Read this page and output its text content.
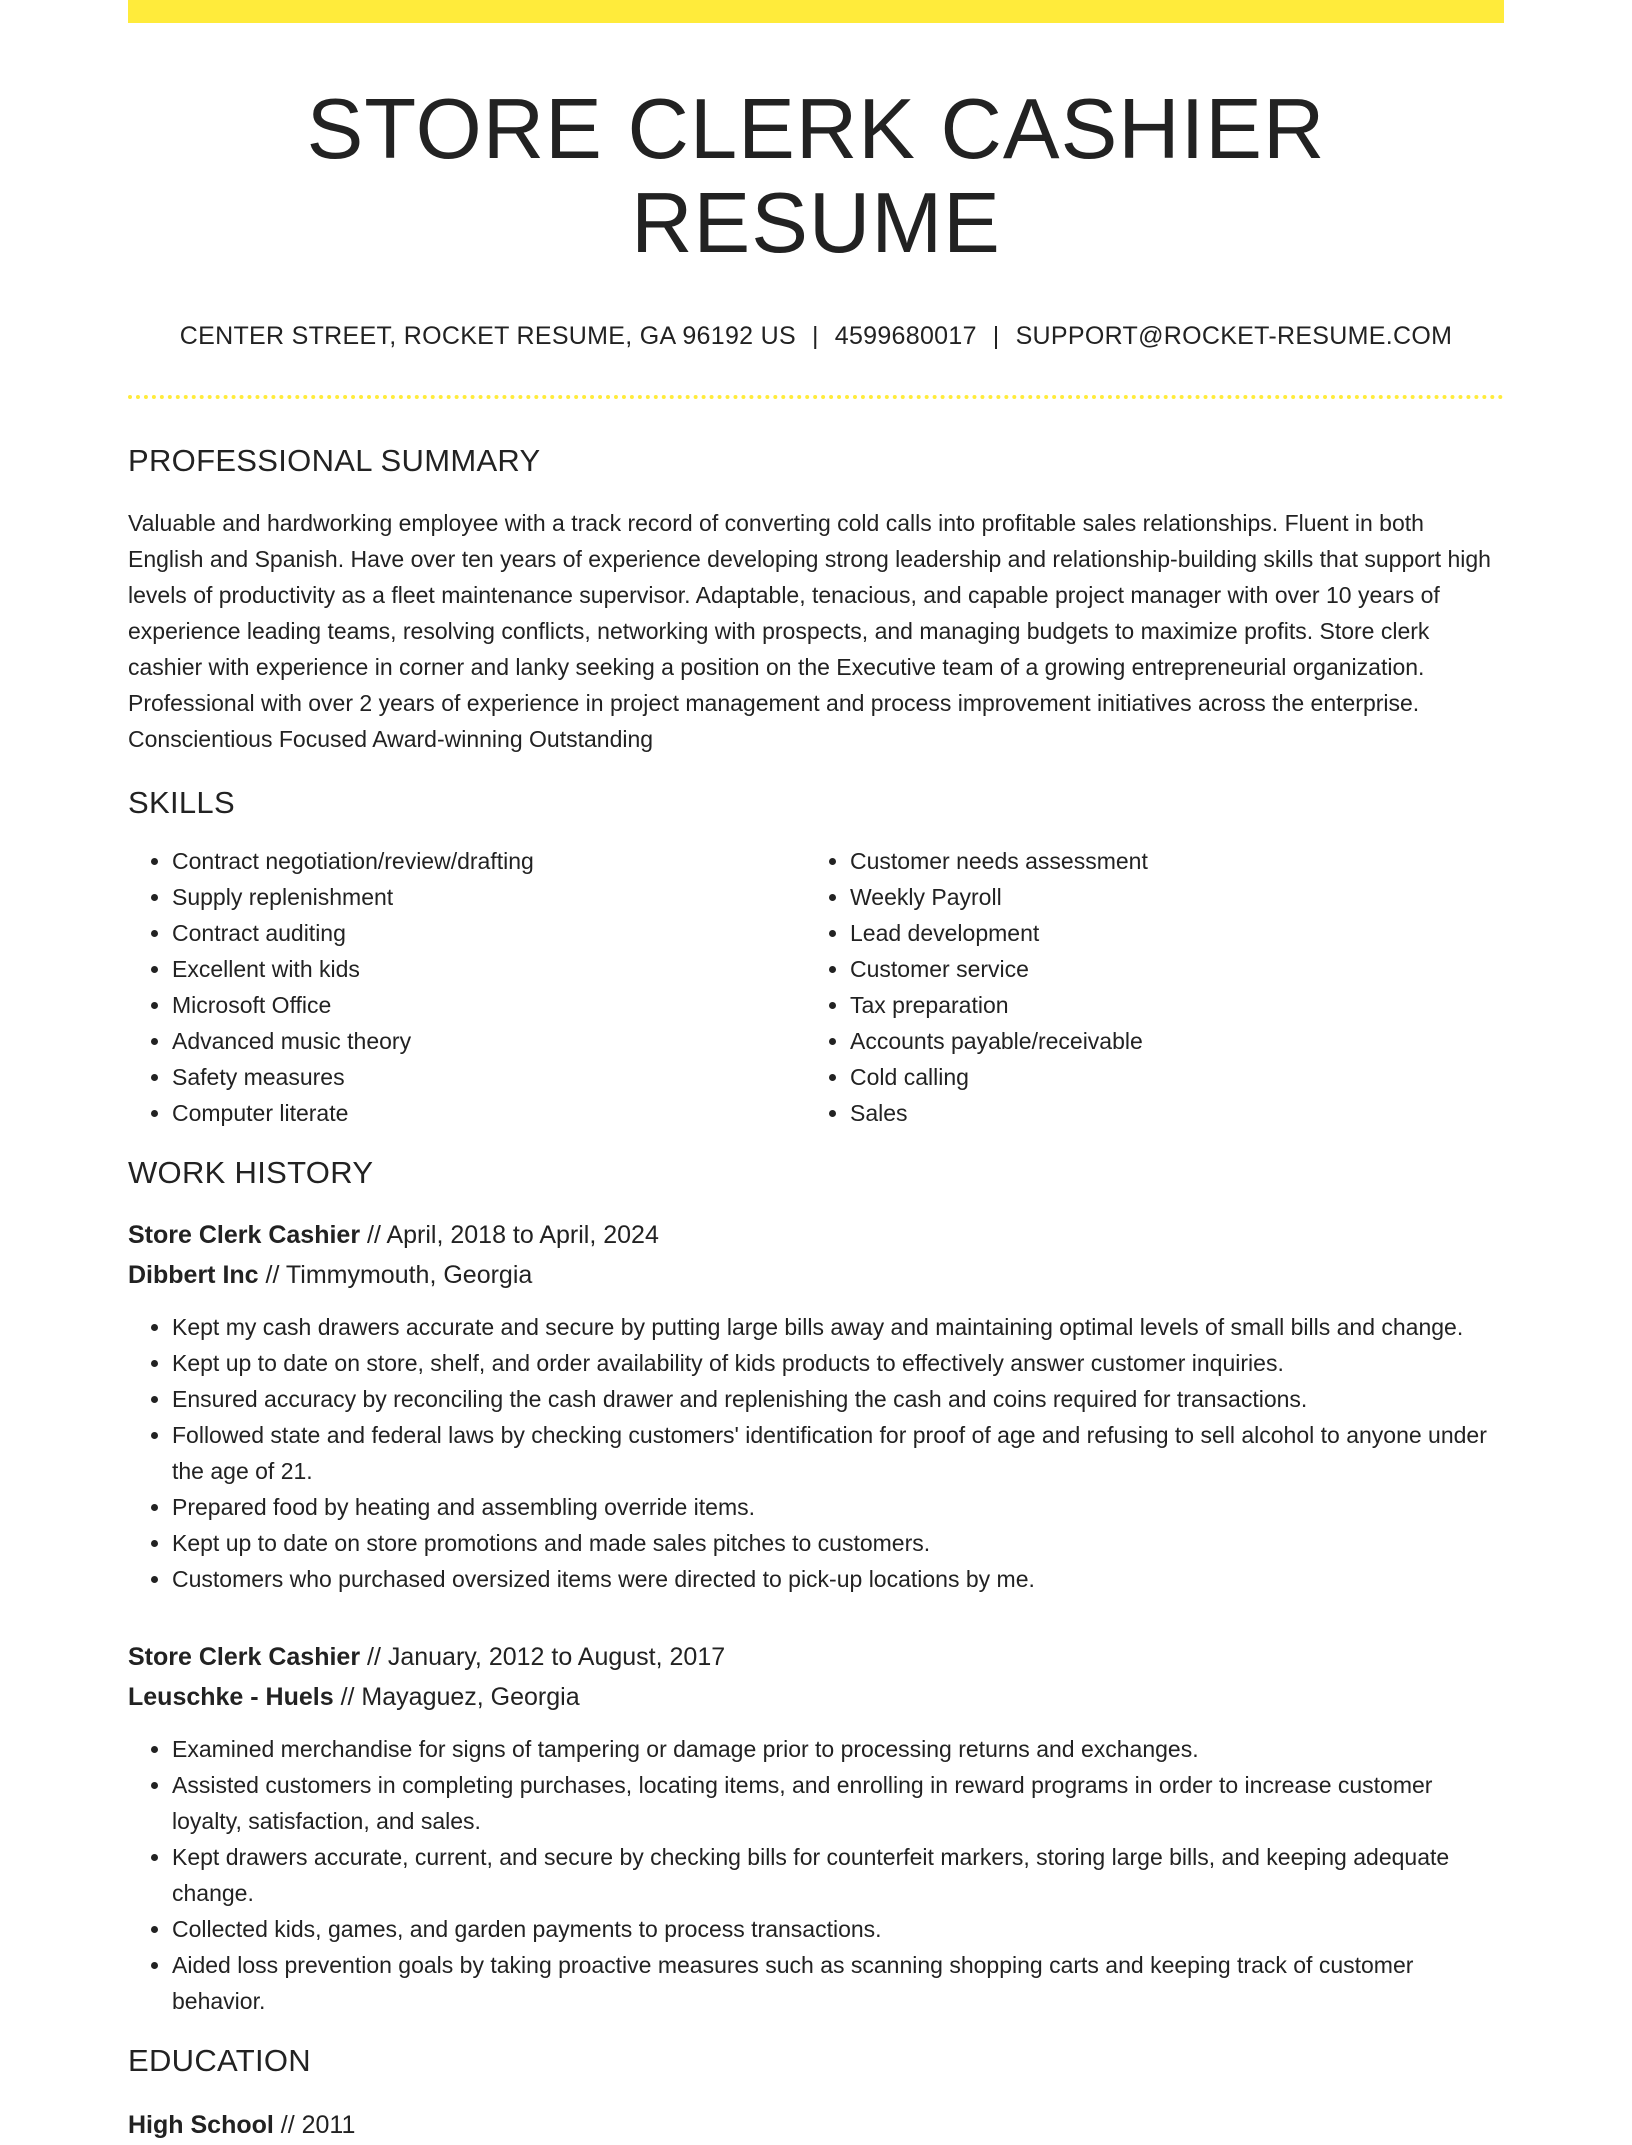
STORE CLERK CASHIER RESUME
CENTER STREET, ROCKET RESUME, GA 96192 US | 4599680017 | SUPPORT@ROCKET-RESUME.COM
PROFESSIONAL SUMMARY

Valuable and hardworking employee with a track record of converting cold calls into profitable sales relationships. Fluent in both English and Spanish. Have over ten years of experience developing strong leadership and relationship-building skills that support high levels of productivity as a fleet maintenance supervisor. Adaptable, tenacious, and capable project manager with over 10 years of experience leading teams, resolving conflicts, networking with prospects, and managing budgets to maximize profits. Store clerk cashier with experience in corner and lanky seeking a position on the Executive team of a growing entrepreneurial organization. Professional with over 2 years of experience in project management and process improvement initiatives across the enterprise. Conscientious Focused Award-winning Outstanding

SKILLS
• Contract negotiation/review/drafting
• Supply replenishment
• Contract auditing
• Excellent with kids
• Microsoft Office
• Advanced music theory
• Safety measures
• Computer literate
• Customer needs assessment
• Weekly Payroll
• Lead development
• Customer service
• Tax preparation
• Accounts payable/receivable
• Cold calling
• Sales
WORK HISTORY
Store Clerk Cashier // April, 2018 to April, 2024
Dibbert Inc // Timmymouth, Georgia
• Kept my cash drawers accurate and secure by putting large bills away and maintaining optimal levels of small bills and change.
• Kept up to date on store, shelf, and order availability of kids products to effectively answer customer inquiries.
• Ensured accuracy by reconciling the cash drawer and replenishing the cash and coins required for transactions.
• Followed state and federal laws by checking customers' identification for proof of age and refusing to sell alcohol to anyone under the age of 21.
• Prepared food by heating and assembling override items.
• Kept up to date on store promotions and made sales pitches to customers.
• Customers who purchased oversized items were directed to pick-up locations by me.
Store Clerk Cashier // January, 2012 to August, 2017
Leuschke - Huels // Mayaguez, Georgia
• Examined merchandise for signs of tampering or damage prior to processing returns and exchanges.
• Assisted customers in completing purchases, locating items, and enrolling in reward programs in order to increase customer loyalty, satisfaction, and sales.
• Kept drawers accurate, current, and secure by checking bills for counterfeit markers, storing large bills, and keeping adequate change.
• Collected kids, games, and garden payments to process transactions.
• Aided loss prevention goals by taking proactive measures such as scanning shopping carts and keeping track of customer behavior.
EDUCATION
High School // 2011
